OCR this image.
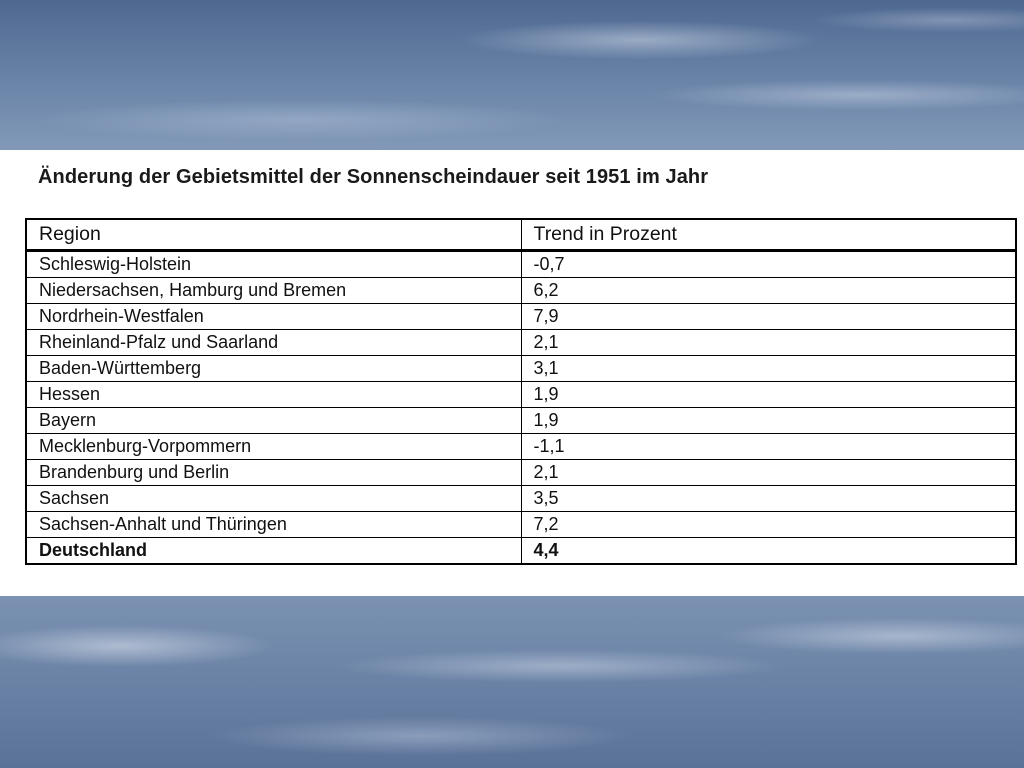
Änderung der Gebietsmittel der Sonnenscheindauer seit 1951 im Jahr
Region	Trend in Prozent
Schleswig-Holstein	-0,7
Niedersachsen, Hamburg und Bremen	6,2
Nordrhein-Westfalen	7,9
Rheinland-Pfalz und Saarland	2,1
Baden-Württemberg	3,1
Hessen	1,9
Bayern	1,9
Mecklenburg-Vorpommern	-1,1
Brandenburg und Berlin	2,1
Sachsen	3,5
Sachsen-Anhalt und Thüringen	7,2
Deutschland	4,4
